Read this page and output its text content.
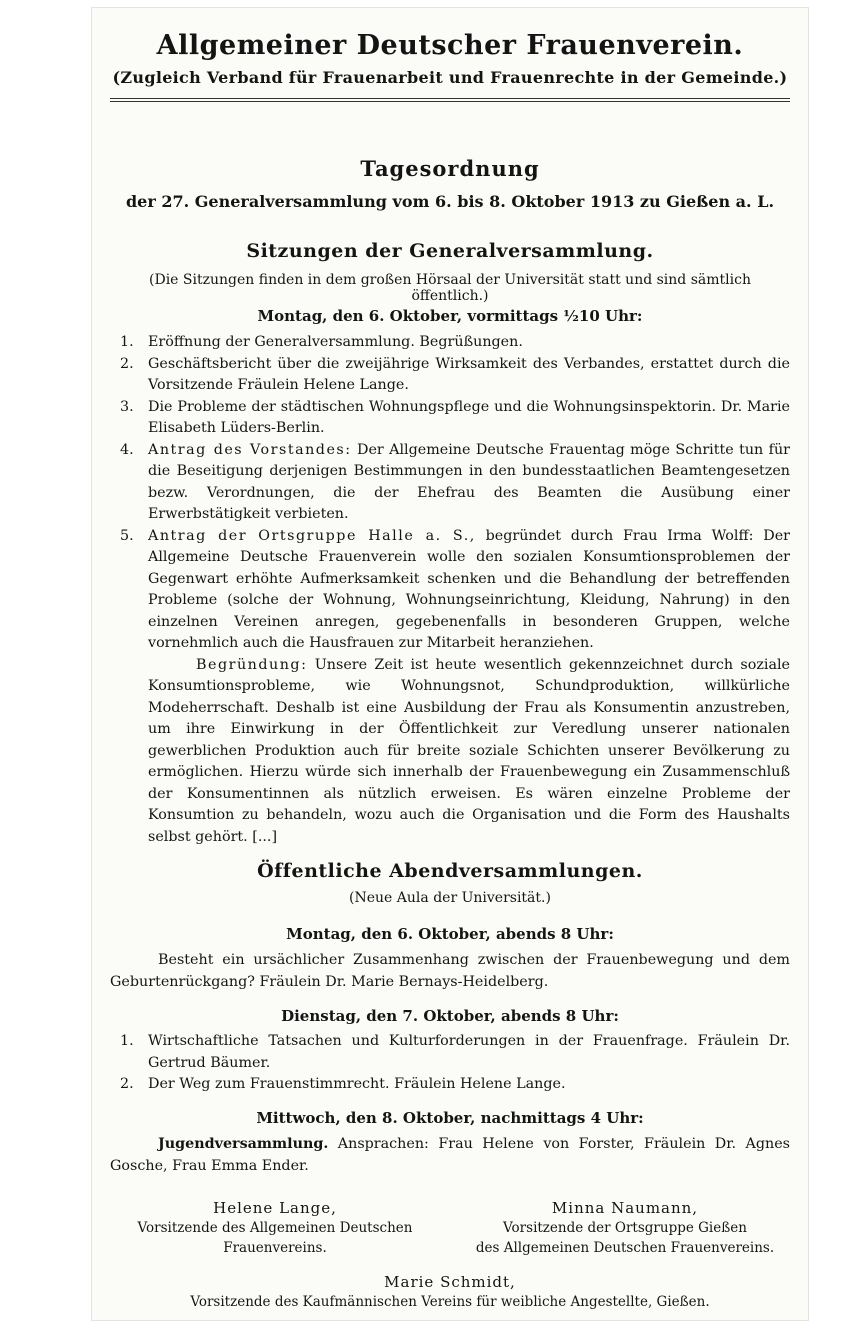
Allgemeiner Deutscher Frauenverein.
(Zugleich Verband für Frauenarbeit und Frauenrechte in der Gemeinde.)
Tagesordnung
der 27. Generalversammlung vom 6. bis 8. Oktober 1913 zu Gießen a. L.
Sitzungen der Generalversammlung.
(Die Sitzungen finden in dem großen Hörsaal der Universität statt und sind sämtlich öffentlich.)
Montag, den 6. Oktober, vormittags ½10 Uhr:
1. Eröffnung der Generalversammlung. Begrüßungen.
2. Geschäftsbericht über die zweijährige Wirksamkeit des Verbandes, erstattet durch die Vorsitzende Fräulein Helene Lange.
3. Die Probleme der städtischen Wohnungspflege und die Wohnungsinspektorin. Dr. Marie Elisabeth Lüders-Berlin.
4. Antrag des Vorstandes: Der Allgemeine Deutsche Frauentag möge Schritte tun für die Beseitigung derjenigen Bestimmungen in den bundesstaatlichen Beamtengesetzen bezw. Verordnungen, die der Ehefrau des Beamten die Ausübung einer Erwerbstätigkeit verbieten.
5. Antrag der Ortsgruppe Halle a. S., begründet durch Frau Irma Wolff: Der Allgemeine Deutsche Frauenverein wolle den sozialen Konsumtionsproblemen der Gegenwart erhöhte Aufmerksamkeit schenken und die Behandlung der betreffenden Probleme (solche der Wohnung, Wohnungseinrichtung, Kleidung, Nahrung) in den einzelnen Vereinen anregen, gegebenenfalls in besonderen Gruppen, welche vornehmlich auch die Hausfrauen zur Mitarbeit heranziehen.
Begründung: Unsere Zeit ist heute wesentlich gekennzeichnet durch soziale Konsumtionsprobleme, wie Wohnungsnot, Schundproduktion, willkürliche Modeherrschaft. Deshalb ist eine Ausbildung der Frau als Konsumentin anzustreben, um ihre Einwirkung in der Öffentlichkeit zur Veredlung unserer nationalen gewerblichen Produktion auch für breite soziale Schichten unserer Bevölkerung zu ermöglichen. Hierzu würde sich innerhalb der Frauenbewegung ein Zusammenschluß der Konsumentinnen als nützlich erweisen. Es wären einzelne Probleme der Konsumtion zu behandeln, wozu auch die Organisation und die Form des Haushalts selbst gehört. [...]
Öffentliche Abendversammlungen.
(Neue Aula der Universität.)
Montag, den 6. Oktober, abends 8 Uhr:
Besteht ein ursächlicher Zusammenhang zwischen der Frauenbewegung und dem Geburtenrückgang? Fräulein Dr. Marie Bernays-Heidelberg.
Dienstag, den 7. Oktober, abends 8 Uhr:
1. Wirtschaftliche Tatsachen und Kulturforderungen in der Frauenfrage. Fräulein Dr. Gertrud Bäumer.
2. Der Weg zum Frauenstimmrecht. Fräulein Helene Lange.
Mittwoch, den 8. Oktober, nachmittags 4 Uhr:
Jugendversammlung. Ansprachen: Frau Helene von Forster, Fräulein Dr. Agnes Gosche, Frau Emma Ender.
Helene Lange,
Vorsitzende des Allgemeinen Deutschen
Frauenvereins.
Minna Naumann,
Vorsitzende der Ortsgruppe Gießen
des Allgemeinen Deutschen Frauenvereins.
Marie Schmidt,
Vorsitzende des Kaufmännischen Vereins für weibliche Angestellte, Gießen.
